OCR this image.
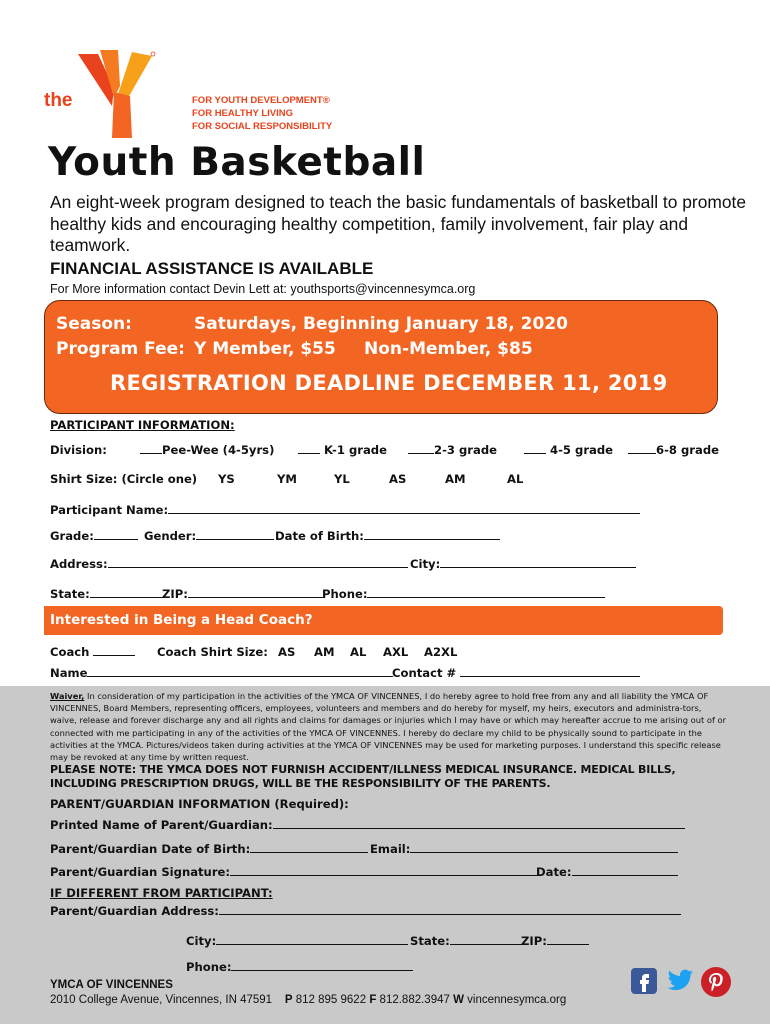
the
YMCA
FOR YOUTH DEVELOPMENT®
FOR HEALTHY LIVING
FOR SOCIAL RESPONSIBILITY
Youth Basketball
An eight-week program designed to teach the basic fundamentals of basketball to promote healthy kids and encouraging healthy competition, family involvement, fair play and teamwork.
FINANCIAL ASSISTANCE IS AVAILABLE
For More information contact Devin Lett at: youthsports@vincennesymca.org
Season:	Saturdays, Beginning January 18, 2020
Program Fee: Y Member, $55 Non-Member, $85
REGISTRATION DEADLINE DECEMBER 11, 2019
PARTICIPANT INFORMATION:
Division:	Pee-Wee (4-5yrs)	K-1 grade	2-3 grade	4-5 grade	6-8 grade
Shirt Size: (Circle one) YS	YM	YL	AS	AM	AL
Participant Name:
Grade:	Gender:	Date of Birth:
Address:	City:
State:	ZIP:	Phone:
Interested in Being a Head Coach?
Coach	Coach Shirt Size: AS AM AL AXL A2XL
Name	Contact #
Waiver, In consideration of my participation in the activities of the YMCA OF VINCENNES, I do hereby agree to hold free from any and all liability the YMCA OF VINCENNES, Board Members, representing officers, employees, volunteers and members and do hereby for myself, my heirs, executors and administra-tors, waive, release and forever discharge any and all rights and claims for damages or injuries which I may have or which may hereafter accrue to me arising out of or connected with me participating in any of the activities of the YMCA OF VINCENNES. I hereby do declare my child to be physically sound to participate in the activities at the YMCA. Pictures/videos taken during activities at the YMCA OF VINCENNES may be used for marketing purposes. I understand this specific release may be revoked at any time by written request.
PLEASE NOTE: THE YMCA DOES NOT FURNISH ACCIDENT/ILLNESS MEDICAL INSURANCE. MEDICAL BILLS, INCLUDING PRESCRIPTION DRUGS, WILL BE THE RESPONSIBILITY OF THE PARENTS.
PARENT/GUARDIAN INFORMATION (Required):
Printed Name of Parent/Guardian:
Parent/Guardian Date of Birth:	Email:
Parent/Guardian Signature:	Date:
IF DIFFERENT FROM PARTICIPANT:
Parent/Guardian Address:
City:	State:	ZIP:
Phone:
YMCA OF VINCENNES
2010 College Avenue, Vincennes, IN 47591 P 812 895 9622 F 812.882.3947 W vincennesymca.org
